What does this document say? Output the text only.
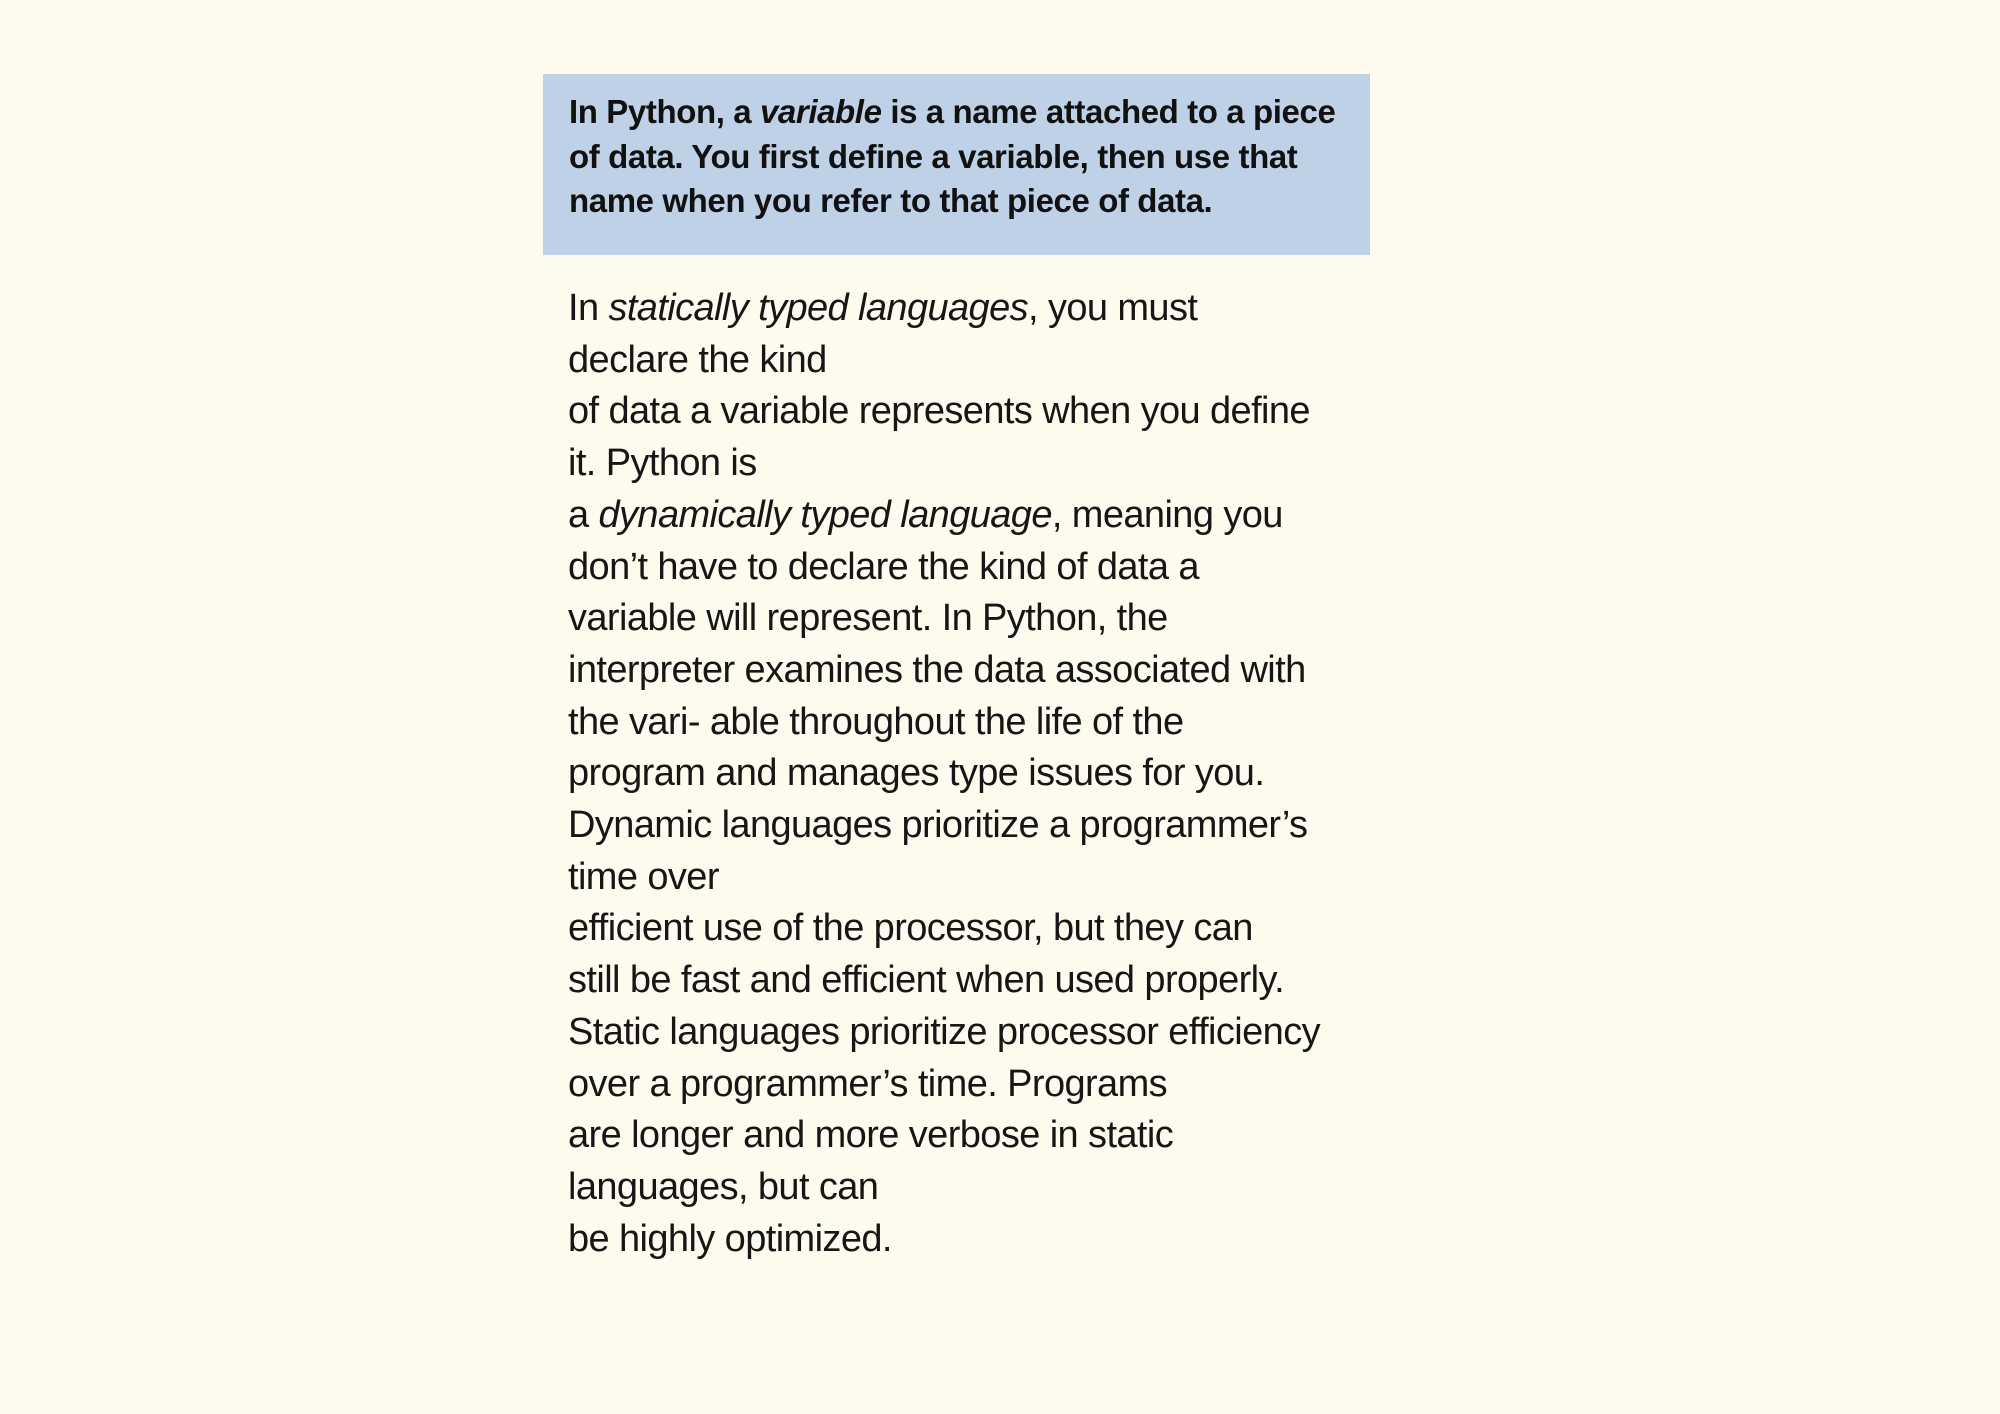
In Python, a variable is a name attached to a piece of data. You first define a variable, then use that name when you refer to that piece of data.

In statically typed languages, you must
declare the kind
of data a variable represents when you define
it. Python is
a dynamically typed language, meaning you
don’t have to declare the kind of data a
variable will represent. In Python, the
interpreter examines the data associated with
the vari- able throughout the life of the
program and manages type issues for you.
Dynamic languages prioritize a programmer’s
time over
efficient use of the processor, but they can
still be fast and efficient when used properly.
Static languages prioritize processor efficiency
over a programmer’s time. Programs
are longer and more verbose in static
languages, but can
be highly optimized.
